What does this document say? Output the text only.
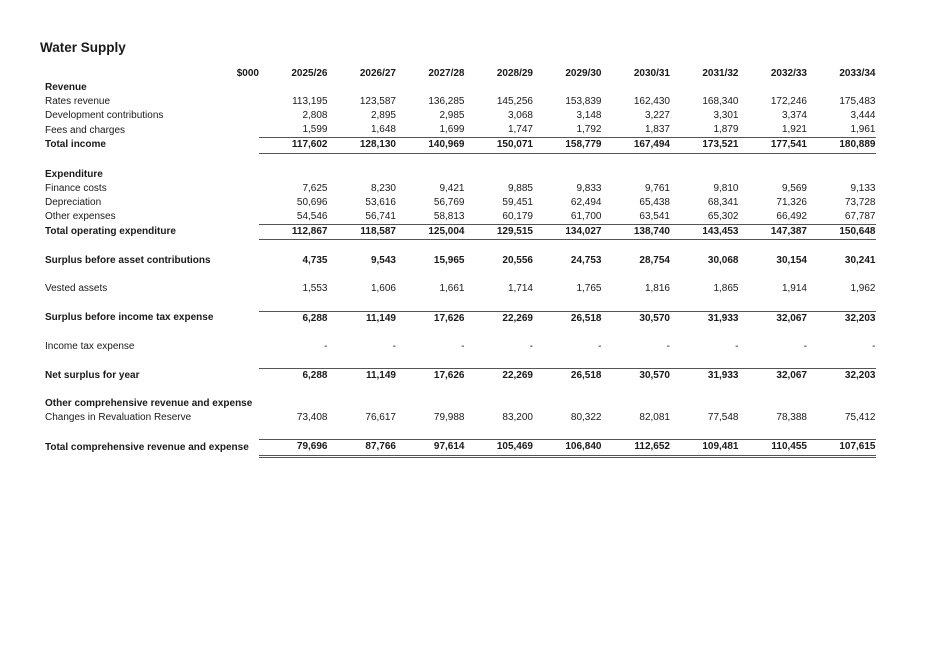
Water Supply
	$000	2025/26	2026/27	2027/28	2028/29	2029/30	2030/31	2031/32	2032/33	2033/34
Revenue										
Rates revenue		113,195	123,587	136,285	145,256	153,839	162,430	168,340	172,246	175,483
Development contributions		2,808	2,895	2,985	3,068	3,148	3,227	3,301	3,374	3,444
Fees and charges		1,599	1,648	1,699	1,747	1,792	1,837	1,879	1,921	1,961
Total income		117,602	128,130	140,969	150,071	158,779	167,494	173,521	177,541	180,889

Expenditure										
Finance costs		7,625	8,230	9,421	9,885	9,833	9,761	9,810	9,569	9,133
Depreciation		50,696	53,616	56,769	59,451	62,494	65,438	68,341	71,326	73,728
Other expenses		54,546	56,741	58,813	60,179	61,700	63,541	65,302	66,492	67,787
Total operating expenditure		112,867	118,587	125,004	129,515	134,027	138,740	143,453	147,387	150,648

Surplus before asset contributions		4,735	9,543	15,965	20,556	24,753	28,754	30,068	30,154	30,241

Vested assets		1,553	1,606	1,661	1,714	1,765	1,816	1,865	1,914	1,962

Surplus before income tax expense		6,288	11,149	17,626	22,269	26,518	30,570	31,933	32,067	32,203

Income tax expense		-	-	-	-	-	-	-	-	-

Net surplus for year		6,288	11,149	17,626	22,269	26,518	30,570	31,933	32,067	32,203

Other comprehensive revenue and expense										
Changes in Revaluation Reserve		73,408	76,617	79,988	83,200	80,322	82,081	77,548	78,388	75,412

Total comprehensive revenue and expense		79,696	87,766	97,614	105,469	106,840	112,652	109,481	110,455	107,615
